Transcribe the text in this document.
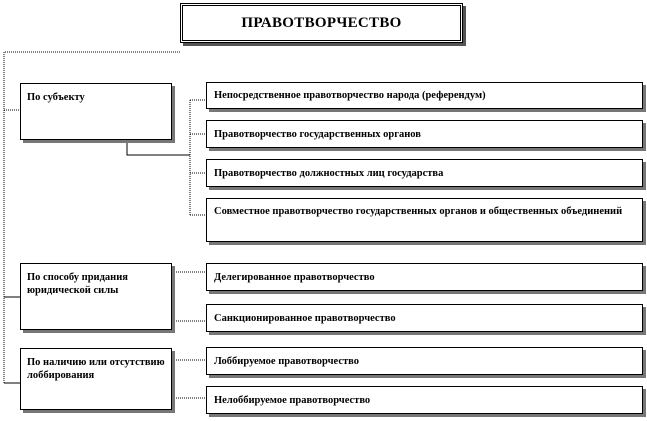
ПРАВОТВОРЧЕСТВО
По субъекту	Непосредственное правотворчество народа (референдум)
Правотворчество государственных органов
Правотворчество должностных лиц государства
Совместное правотворчество государственных органов и общественных объединений
По способу придания юридической силы
Делегированное правотворчество
Санкционированное правотворчество
По наличию или отсутствию лоббирования
Лоббируемое правотворчество
Нелоббируемое правотворчество
